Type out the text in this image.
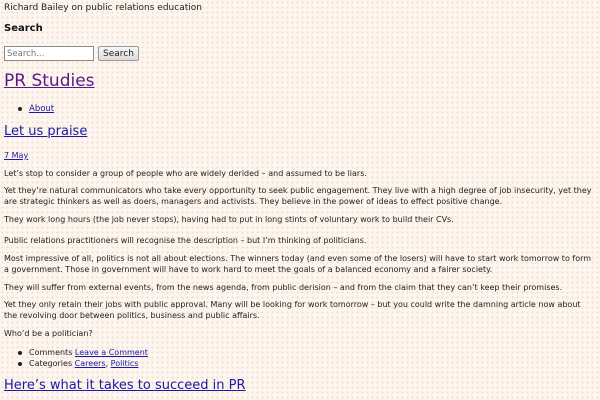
Richard Bailey on public relations education
Search
Search...
Search
PR Studies
About
Let us praise
7 May
Let’s stop to consider a group of people who are widely derided – and assumed to be liars.
Yet they’re natural communicators who take every opportunity to seek public engagement. They live with a high degree of job insecurity, yet they are strategic thinkers as well as doers, managers and activists. They believe in the power of ideas to effect positive change.
They work long hours (the job never stops), having had to put in long stints of voluntary work to build their CVs.
Public relations practitioners will recognise the description – but I’m thinking of politicians.
Most impressive of all, politics is not all about elections. The winners today (and even some of the losers) will have to start work tomorrow to form a government. Those in government will have to work hard to meet the goals of a balanced economy and a fairer society.
They will suffer from external events, from the news agenda, from public derision – and from the claim that they can’t keep their promises.
Yet they only retain their jobs with public approval. Many will be looking for work tomorrow – but you could write the damning article now about the revolving door between politics, business and public affairs.
Who’d be a politician?
Comments Leave a Comment
Categories Careers, Politics
Here’s what it takes to succeed in PR
